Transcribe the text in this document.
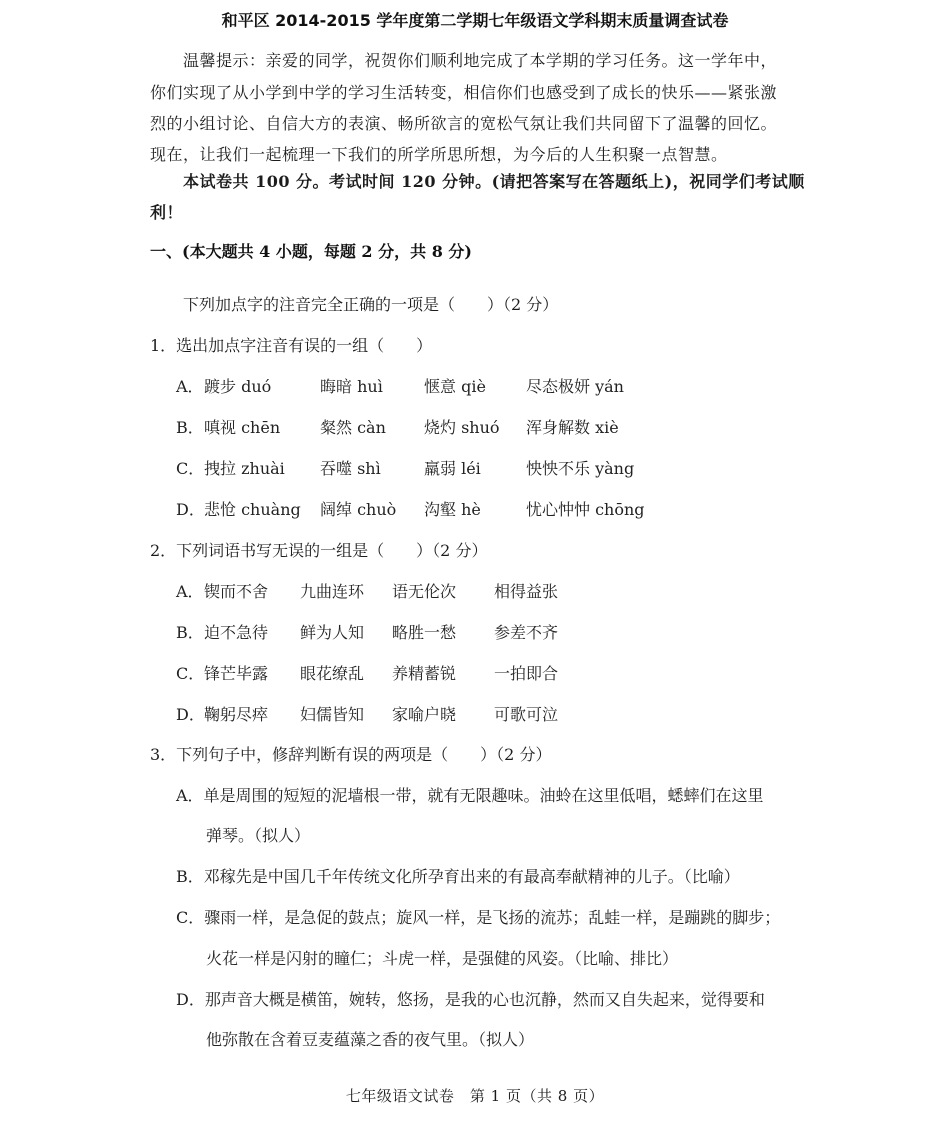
和平区 2014-2015 学年度第二学期七年级语文学科期末质量调查试卷
温馨提示：亲爱的同学，祝贺你们顺利地完成了本学期的学习任务。这一学年中，
你们实现了从小学到中学的学习生活转变，相信你们也感受到了成长的快乐——紧张激
烈的小组讨论、自信大方的表演、畅所欲言的宽松气氛让我们共同留下了温馨的回忆。
现在，让我们一起梳理一下我们的所学所思所想，为今后的人生积聚一点智慧。
本试卷共 100 分。考试时间 120 分钟。(请把答案写在答题纸上)，祝同学们考试顺
利！
一、(本大题共 4 小题，每题 2 分，共 8 分)
下列加点字的注音完全正确的一项是（　　）（2 分）
1．选出加点字注音有误的一组（　　）
A． 踱步 duó	晦暗 huì	惬意 qiè	尽态极妍 yán
B． 嗔视 chēn 粲然 càn 烧灼 shuó 浑身解数 xiè
C． 拽拉 zhuài 吞噬 shì	羸弱 léi	怏怏不乐 yàng
D． 悲怆 chuàng 阔绰 chuò 沟壑 hè	忧心忡忡 chōng
2．下列词语书写无误的一组是（　　）（2 分）
A． 锲而不舍 九曲连环 语无伦次 相得益张
B． 迫不急待 鲜为人知 略胜一愁 参差不齐
C． 锋芒毕露 眼花缭乱 养精蓄锐 一拍即合
D． 鞠躬尽瘁 妇儒皆知 家喻户晓 可歌可泣
3．下列句子中，修辞判断有误的两项是（　　）（2 分）
A．单是周围的短短的泥墙根一带，就有无限趣味。油蛉在这里低唱，蟋蟀们在这里
弹琴。（拟人）
B．邓稼先是中国几千年传统文化所孕育出来的有最高奉献精神的儿子。（比喻）
C．骤雨一样，是急促的鼓点；旋风一样，是飞扬的流苏；乱蛙一样，是蹦跳的脚步；
火花一样是闪射的瞳仁；斗虎一样，是强健的风姿。（比喻、排比）
D．那声音大概是横笛，婉转，悠扬，是我的心也沉静，然而又自失起来，觉得要和
他弥散在含着豆麦蕴藻之香的夜气里。（拟人）
七年级语文试卷　第 1 页（共 8 页）
